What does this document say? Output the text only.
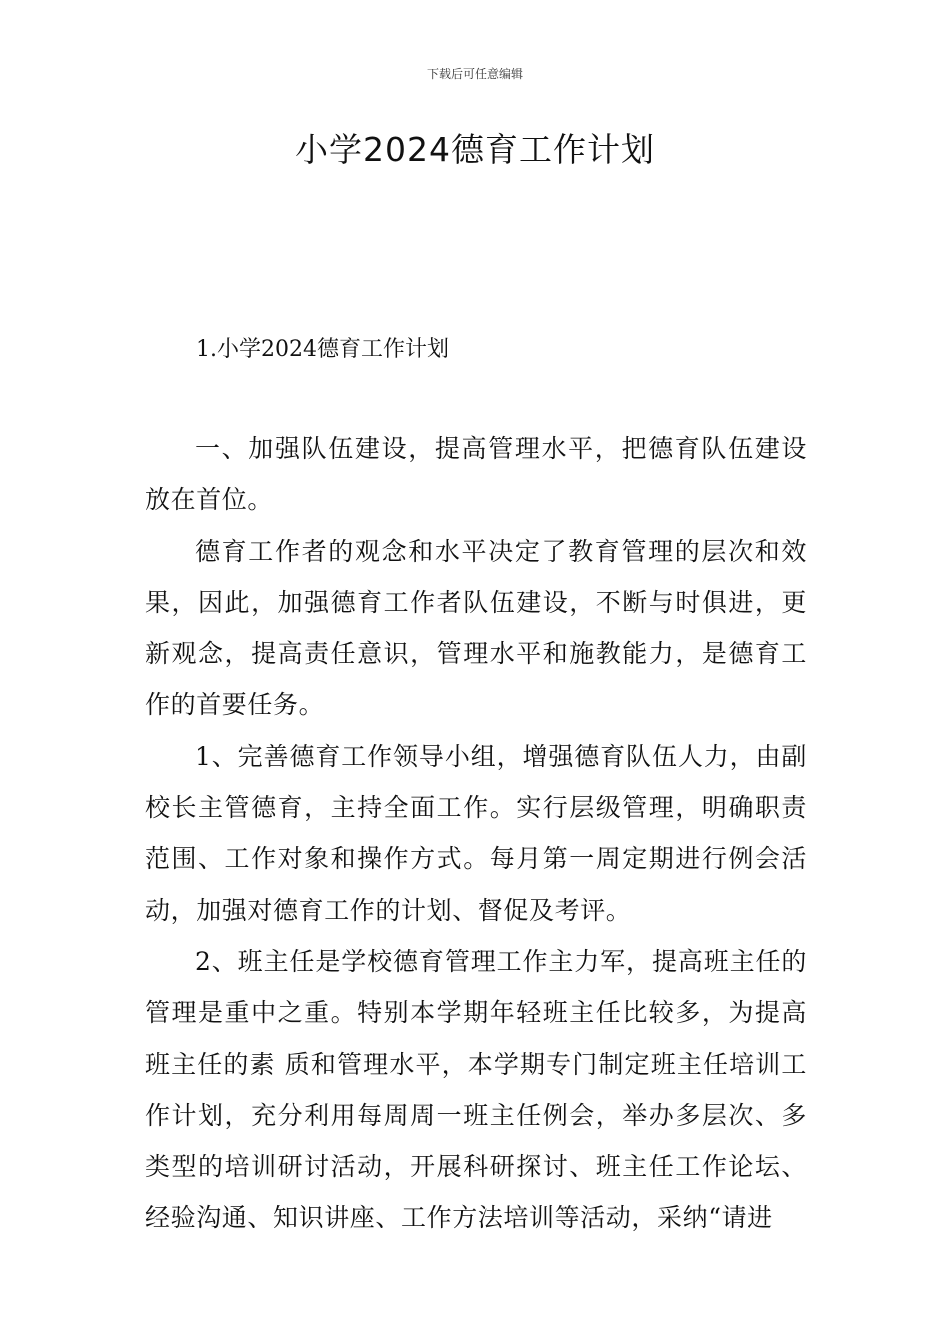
下载后可任意编辑
小学2024德育工作计划
1.小学2024德育工作计划

一、加强队伍建设，提高管理水平，把德育队伍建设放在首位。

德育工作者的观念和水平决定了教育管理的层次和效果，因此，加强德育工作者队伍建设，不断与时俱进，更新观念，提高责任意识，管理水平和施教能力，是德育工作的首要任务。

1、完善德育工作领导小组，增强德育队伍人力，由副校长主管德育，主持全面工作。实行层级管理，明确职责范围、工作对象和操作方式。每月第一周定期进行例会活动，加强对德育工作的计划、督促及考评。

2、班主任是学校德育管理工作主力军，提高班主任的管理是重中之重。特别本学期年轻班主任比较多，为提高班主任的素 质和管理水平，本学期专门制定班主任培训工作计划，充分利用每周周一班主任例会，举办多层次、多类型的培训研讨活动，开展科研探讨、班主任工作论坛、经验沟通、知识讲座、工作方法培训等活动，采纳“请进
